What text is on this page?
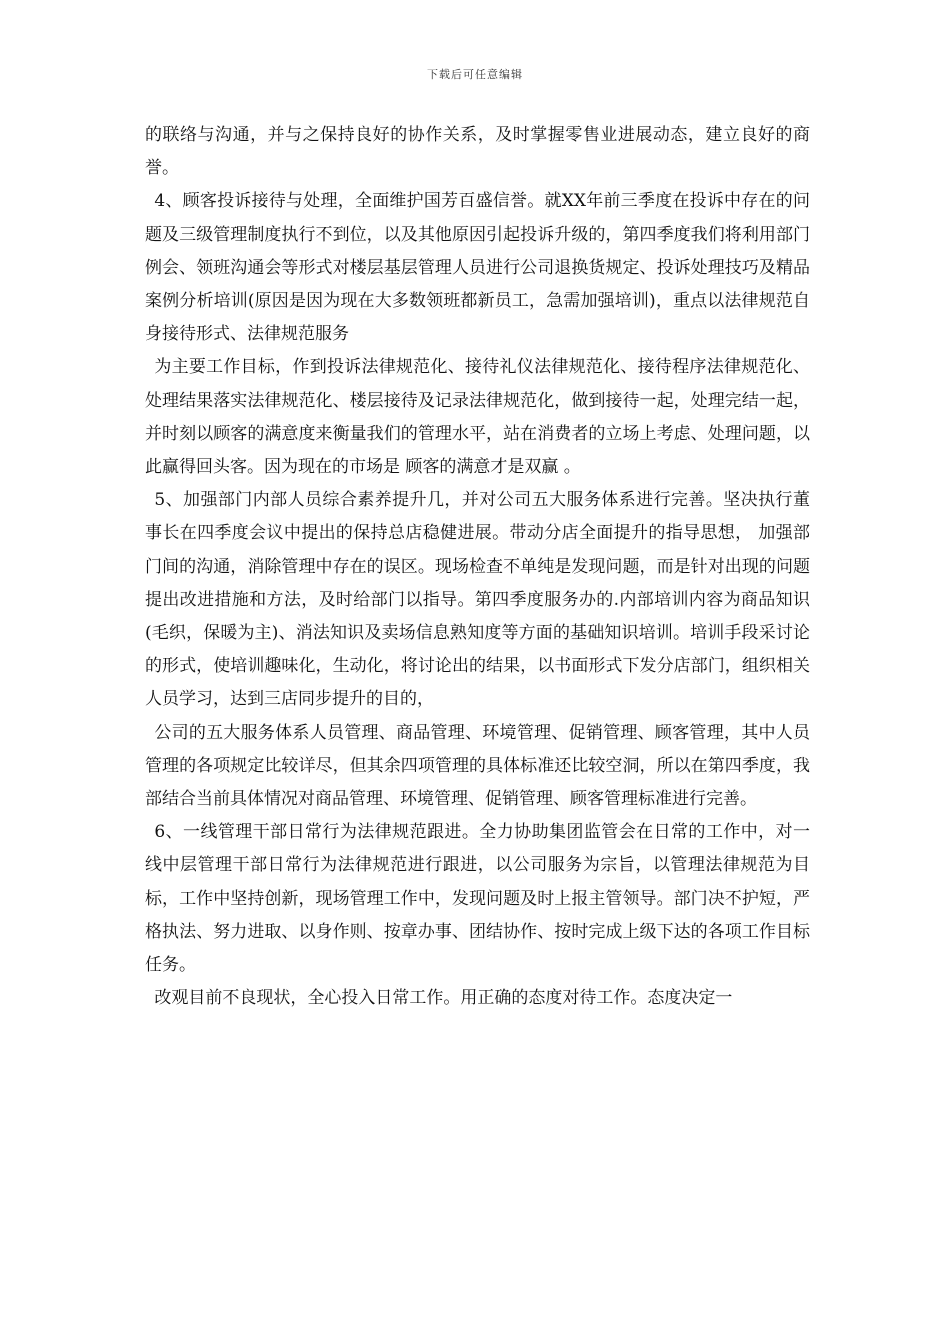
下载后可任意编辑

的联络与沟通，并与之保持良好的协作关系，及时掌握零售业进展动态，建立良好的商誉。

4、顾客投诉接待与处理，全面维护国芳百盛信誉。就XX年前三季度在投诉中存在的问题及三级管理制度执行不到位，以及其他原因引起投诉升级的，第四季度我们将利用部门例会、领班沟通会等形式对楼层基层管理人员进行公司退换货规定、投诉处理技巧及精品案例分析培训(原因是因为现在大多数领班都新员工，急需加强培训)，重点以法律规范自身接待形式、法律规范服务

为主要工作目标，作到投诉法律规范化、接待礼仪法律规范化、接待程序法律规范化、处理结果落实法律规范化、楼层接待及记录法律规范化，做到接待一起，处理完结一起，并时刻以顾客的满意度来衡量我们的管理水平，站在消费者的立场上考虑、处理问题，以此赢得回头客。因为现在的市场是 顾客的满意才是双赢 。

5、加强部门内部人员综合素养提升几，并对公司五大服务体系进行完善。坚决执行董事长在四季度会议中提出的保持总店稳健进展。带动分店全面提升的指导思想， 加强部门间的沟通，消除管理中存在的误区。现场检查不单纯是发现问题，而是针对出现的问题提出改进措施和方法，及时给部门以指导。第四季度服务办的.内部培训内容为商品知识(毛织，保暖为主)、消法知识及卖场信息熟知度等方面的基础知识培训。培训手段采讨论的形式，使培训趣味化，生动化，将讨论出的结果，以书面形式下发分店部门，组织相关人员学习，达到三店同步提升的目的，

公司的五大服务体系人员管理、商品管理、环境管理、促销管理、顾客管理，其中人员管理的各项规定比较详尽，但其余四项管理的具体标准还比较空洞，所以在第四季度，我部结合当前具体情况对商品管理、环境管理、促销管理、顾客管理标准进行完善。

6、一线管理干部日常行为法律规范跟进。全力协助集团监管会在日常的工作中，对一线中层管理干部日常行为法律规范进行跟进，以公司服务为宗旨，以管理法律规范为目标，工作中坚持创新，现场管理工作中，发现问题及时上报主管领导。部门决不护短，严格执法、努力进取、以身作则、按章办事、团结协作、按时完成上级下达的各项工作目标任务。

改观目前不良现状，全心投入日常工作。用正确的态度对待工作。态度决定一
